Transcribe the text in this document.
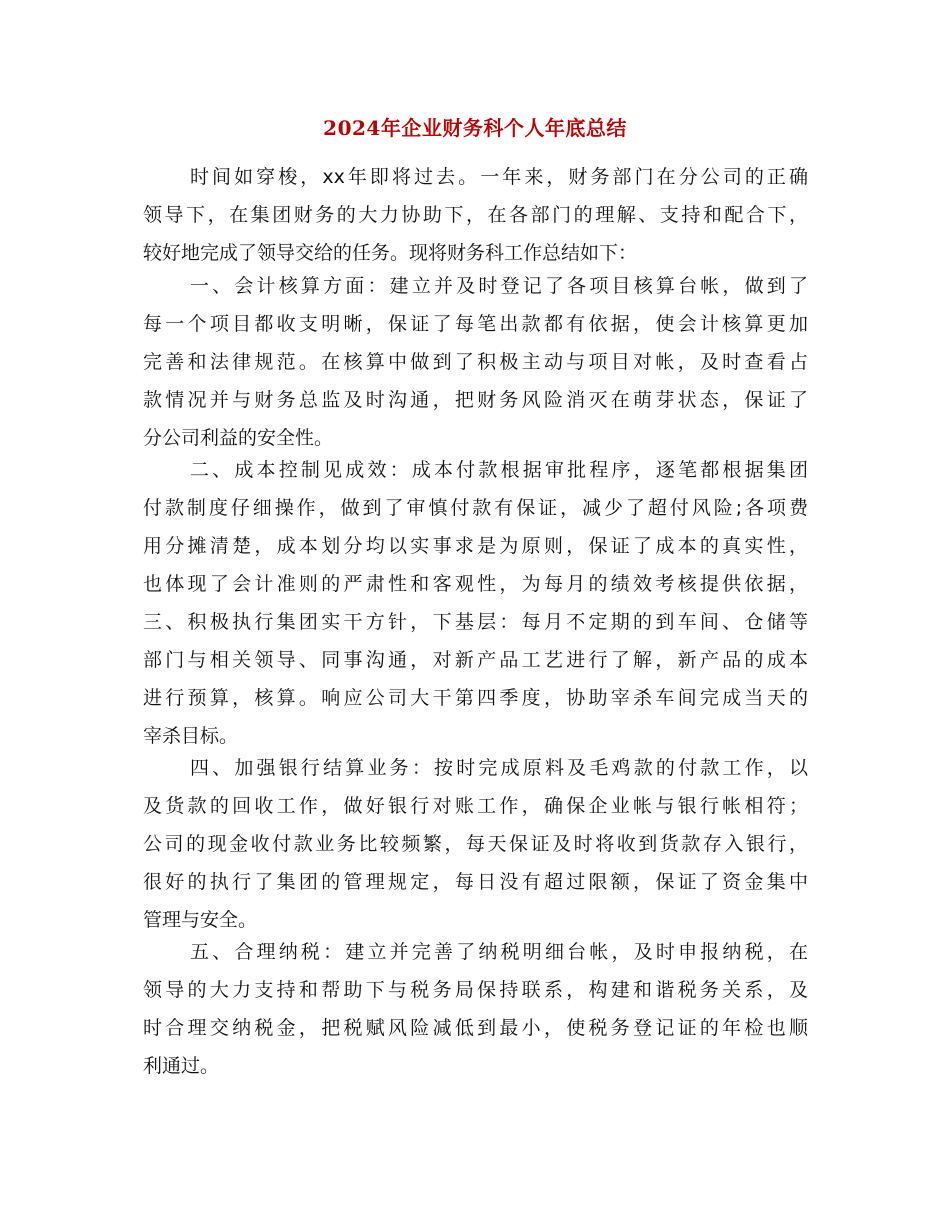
2024年企业财务科个人年底总结
时间如穿梭，xx年即将过去。一年来，财务部门在分公司的正确
领导下，在集团财务的大力协助下，在各部门的理解、支持和配合下，
较好地完成了领导交给的任务。现将财务科工作总结如下：
一、会计核算方面：建立并及时登记了各项目核算台帐，做到了
每一个项目都收支明晰，保证了每笔出款都有依据，使会计核算更加
完善和法律规范。在核算中做到了积极主动与项目对帐，及时查看占
款情况并与财务总监及时沟通，把财务风险消灭在萌芽状态，保证了
分公司利益的安全性。
二、成本控制见成效：成本付款根据审批程序，逐笔都根据集团
付款制度仔细操作，做到了审慎付款有保证，减少了超付风险;各项费
用分摊清楚，成本划分均以实事求是为原则，保证了成本的真实性，
也体现了会计准则的严肃性和客观性，为每月的绩效考核提供依据，
三、积极执行集团实干方针，下基层：每月不定期的到车间、仓储等
部门与相关领导、同事沟通，对新产品工艺进行了解，新产品的成本
进行预算，核算。响应公司大干第四季度，协助宰杀车间完成当天的
宰杀目标。
四、加强银行结算业务：按时完成原料及毛鸡款的付款工作，以
及货款的回收工作，做好银行对账工作，确保企业帐与银行帐相符；
公司的现金收付款业务比较频繁，每天保证及时将收到货款存入银行，
很好的执行了集团的管理规定，每日没有超过限额，保证了资金集中
管理与安全。
五、合理纳税：建立并完善了纳税明细台帐，及时申报纳税，在
领导的大力支持和帮助下与税务局保持联系，构建和谐税务关系，及
时合理交纳税金，把税赋风险减低到最小，使税务登记证的年检也顺
利通过。
